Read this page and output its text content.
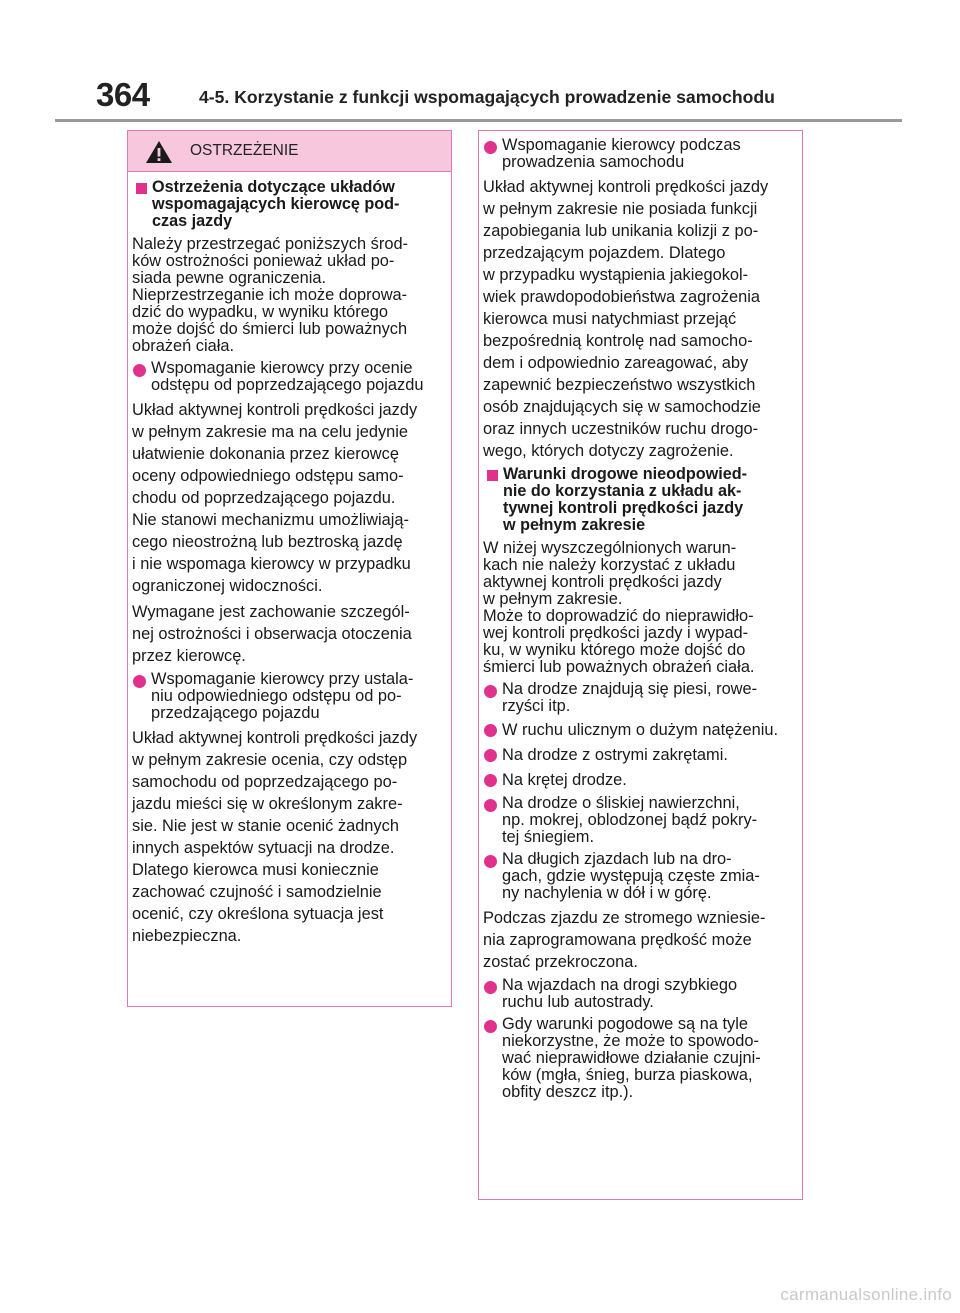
364	4-5. Korzystanie z funkcji wspomagających prowadzenie samochodu
OSTRZEŻENIE
Ostrzeżenia dotyczące układów
wspomagających kierowcę pod-
czas jazdy
Należy przestrzegać poniższych środ-
ków ostrożności ponieważ układ po-
siada pewne ograniczenia.
Nieprzestrzeganie ich może doprowa-
dzić do wypadku, w wyniku którego
może dojść do śmierci lub poważnych
obrażeń ciała.
Wspomaganie kierowcy przy ocenie
odstępu od poprzedzającego pojazdu
Układ aktywnej kontroli prędkości jazdy
w pełnym zakresie ma na celu jedynie
ułatwienie dokonania przez kierowcę
oceny odpowiedniego odstępu samo-
chodu od poprzedzającego pojazdu.
Nie stanowi mechanizmu umożliwiają-
cego nieostrożną lub beztroską jazdę
i nie wspomaga kierowcy w przypadku
ograniczonej widoczności.
Wymagane jest zachowanie szczegól-
nej ostrożności i obserwacja otoczenia
przez kierowcę.
Wspomaganie kierowcy przy ustala-
niu odpowiedniego odstępu od po-
przedzającego pojazdu
Układ aktywnej kontroli prędkości jazdy
w pełnym zakresie ocenia, czy odstęp
samochodu od poprzedzającego po-
jazdu mieści się w określonym zakre-
sie. Nie jest w stanie ocenić żadnych
innych aspektów sytuacji na drodze.
Dlatego kierowca musi koniecznie
zachować czujność i samodzielnie
ocenić, czy określona sytuacja jest
niebezpieczna.
Wspomaganie kierowcy podczas
prowadzenia samochodu
Układ aktywnej kontroli prędkości jazdy
w pełnym zakresie nie posiada funkcji
zapobiegania lub unikania kolizji z po-
przedzającym pojazdem. Dlatego
w przypadku wystąpienia jakiegokol-
wiek prawdopodobieństwa zagrożenia
kierowca musi natychmiast przejąć
bezpośrednią kontrolę nad samocho-
dem i odpowiednio zareagować, aby
zapewnić bezpieczeństwo wszystkich
osób znajdujących się w samochodzie
oraz innych uczestników ruchu drogo-
wego, których dotyczy zagrożenie.
Warunki drogowe nieodpowied-
nie do korzystania z układu ak-
tywnej kontroli prędkości jazdy
w pełnym zakresie
W niżej wyszczególnionych warun-
kach nie należy korzystać z układu
aktywnej kontroli prędkości jazdy
w pełnym zakresie.
Może to doprowadzić do nieprawidło-
wej kontroli prędkości jazdy i wypad-
ku, w wyniku którego może dojść do
śmierci lub poważnych obrażeń ciała.
Na drodze znajdują się piesi, rowe-
rzyści itp.
W ruchu ulicznym o dużym natężeniu.
Na drodze z ostrymi zakrętami.
Na krętej drodze.
Na drodze o śliskiej nawierzchni,
np. mokrej, oblodzonej bądź pokry-
tej śniegiem.
Na długich zjazdach lub na dro-
gach, gdzie występują częste zmia-
ny nachylenia w dół i w górę.
Podczas zjazdu ze stromego wzniesie-
nia zaprogramowana prędkość może
zostać przekroczona.
Na wjazdach na drogi szybkiego
ruchu lub autostrady.
Gdy warunki pogodowe są na tyle
niekorzystne, że może to spowodo-
wać nieprawidłowe działanie czujni-
ków (mgła, śnieg, burza piaskowa,
obfity deszcz itp.).
carmanualsonline.info
